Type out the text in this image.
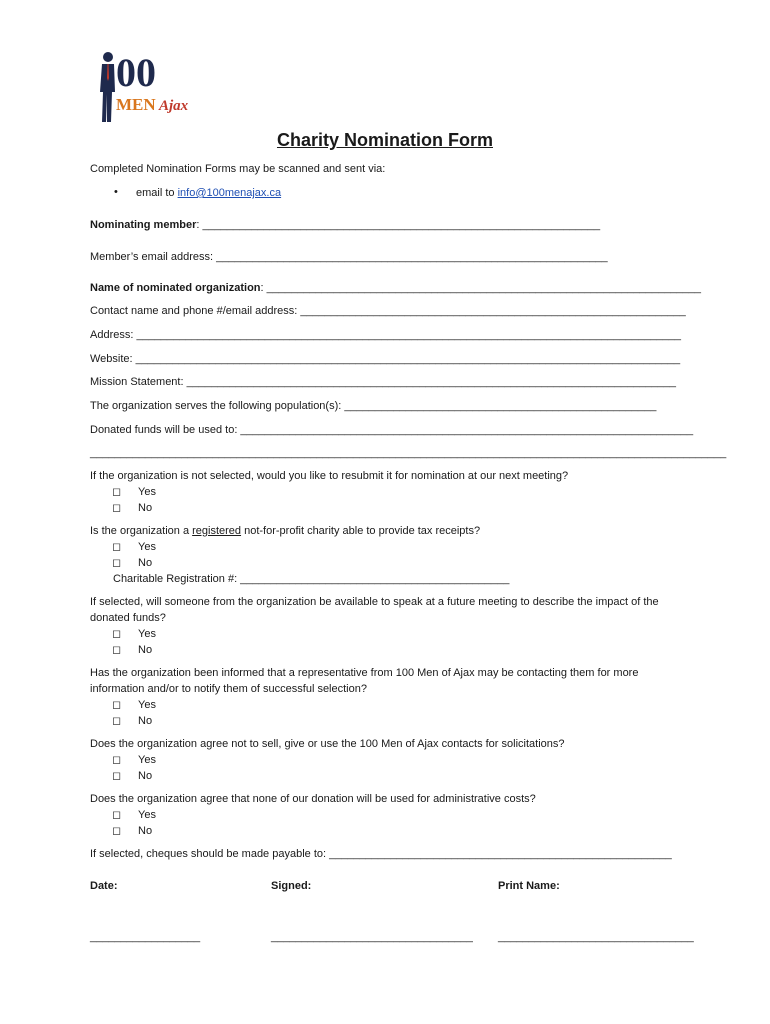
00
MEN Ajax
Charity Nomination Form
Completed Nomination Forms may be scanned and sent via:
• email to info@100menajax.ca
Nominating member: _________________________________________________________________
Member’s email address: ________________________________________________________________
Name of nominated organization: _______________________________________________________________________
Contact name and phone #/email address: _______________________________________________________________
Address: _________________________________________________________________________________________
Website: _________________________________________________________________________________________
Mission Statement: ________________________________________________________________________________
The organization serves the following population(s): ___________________________________________________
Donated funds will be used to: __________________________________________________________________________
________________________________________________________________________________________________________
If the organization is not selected, would you like to resubmit it for nomination at our next meeting?
◻ Yes
◻ No
Is the organization a registered not-for-profit charity able to provide tax receipts?
◻ Yes
◻ No
Charitable Registration #: ____________________________________________
If selected, will someone from the organization be available to speak at a future meeting to describe the impact of the
donated funds?
◻ Yes
◻ No
Has the organization been informed that a representative from 100 Men of Ajax may be contacting them for more
information and/or to notify them of successful selection?
◻ Yes
◻ No
Does the organization agree not to sell, give or use the 100 Men of Ajax contacts for solicitations?
◻ Yes
◻ No
Does the organization agree that none of our donation will be used for administrative costs?
◻ Yes
◻ No
If selected, cheques should be made payable to: ________________________________________________________
Date:	Signed:	Print Name:
__________________	_________________________________ ________________________________
